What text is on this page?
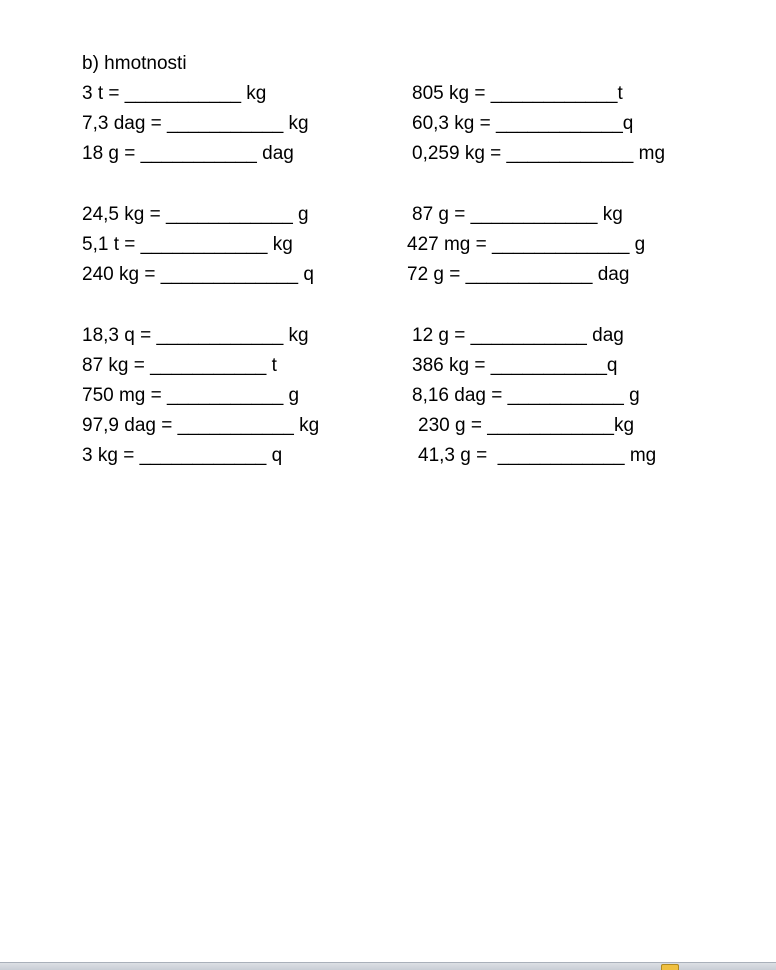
b) hmotnosti
3 t = ___________ kg
7,3 dag = ___________ kg
18 g = ___________ dag
24,5 kg = ____________ g
5,1 t = ____________ kg
240 kg = _____________ q
18,3 q = ____________ kg
87 kg = ___________ t
750 mg = ___________ g
97,9 dag = ___________ kg
3 kg = ____________ q
805 kg = ____________t
60,3 kg = ____________q
0,259 kg = ____________ mg
87 g = ____________ kg
427 mg = _____________ g
72 g = ____________ dag
12 g = ___________ dag
386 kg = ___________q
8,16 dag = ___________ g
230 g = ____________kg
41,3 g =  ____________ mg
